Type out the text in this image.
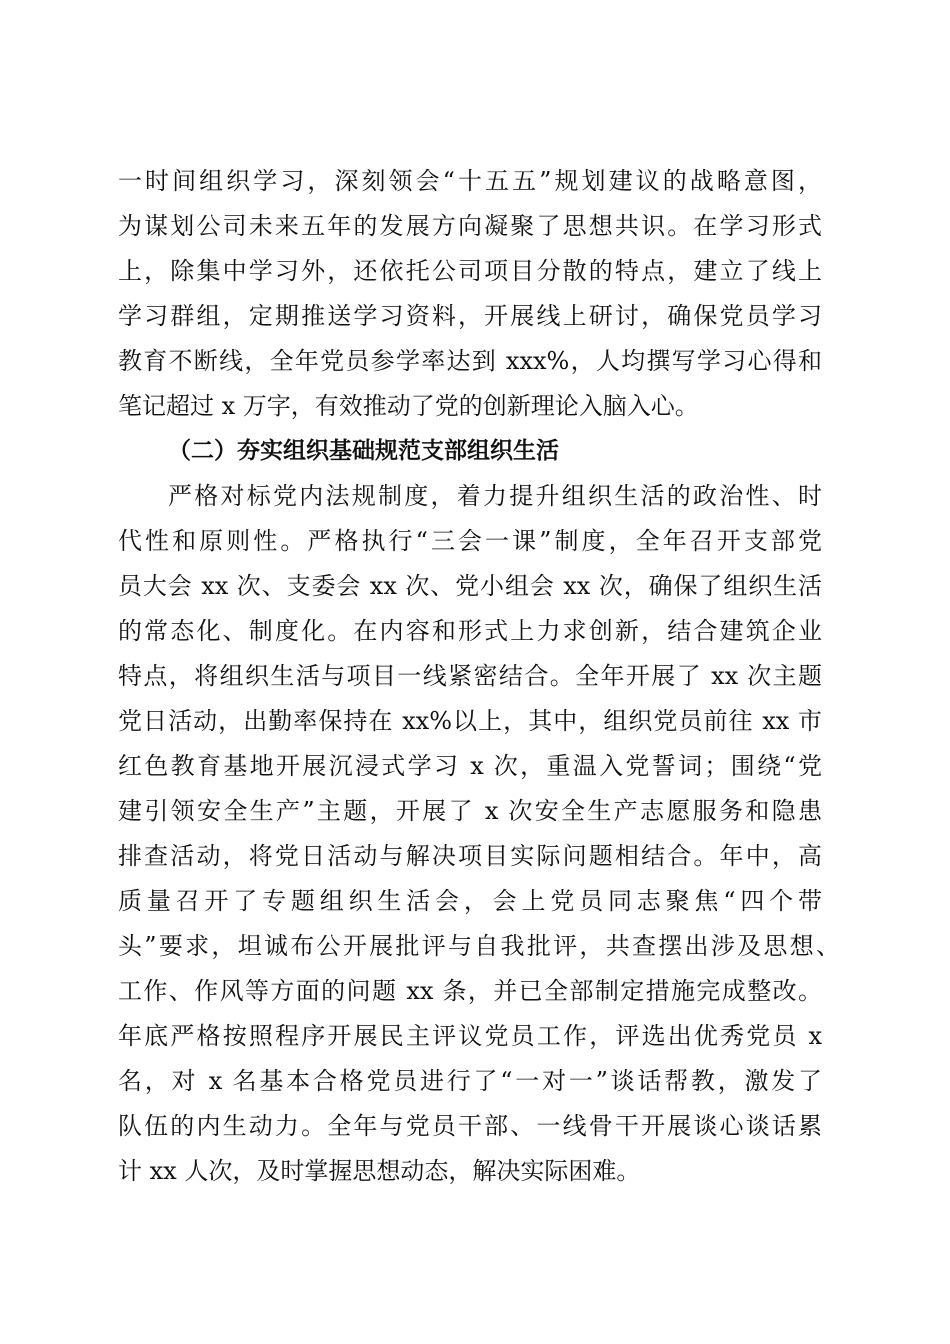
一时间组织学习，深刻领会“十五五”规划建议的战略意图，
为谋划公司未来五年的发展方向凝聚了思想共识。在学习形式
上，除集中学习外，还依托公司项目分散的特点，建立了线上
学习群组，定期推送学习资料，开展线上研讨，确保党员学习
教育不断线，全年党员参学率达到 xxx%，人均撰写学习心得和
笔记超过 x 万字，有效推动了党的创新理论入脑入心。
（二）夯实组织基础规范支部组织生活
严格对标党内法规制度，着力提升组织生活的政治性、时
代性和原则性。严格执行“三会一课”制度，全年召开支部党
员大会 xx 次、支委会 xx 次、党小组会 xx 次，确保了组织生活
的常态化、制度化。在内容和形式上力求创新，结合建筑企业
特点，将组织生活与项目一线紧密结合。全年开展了 xx 次主题
党日活动，出勤率保持在 xx%以上，其中，组织党员前往 xx 市
红色教育基地开展沉浸式学习 x 次，重温入党誓词；围绕“党
建引领安全生产”主题，开展了 x 次安全生产志愿服务和隐患
排查活动，将党日活动与解决项目实际问题相结合。年中，高
质量召开了专题组织生活会，会上党员同志聚焦“四个带
头”要求，坦诚布公开展批评与自我批评，共查摆出涉及思想、
工作、作风等方面的问题 xx 条，并已全部制定措施完成整改。
年底严格按照程序开展民主评议党员工作，评选出优秀党员 x
名，对 x 名基本合格党员进行了“一对一”谈话帮教，激发了
队伍的内生动力。全年与党员干部、一线骨干开展谈心谈话累
计 xx 人次，及时掌握思想动态，解决实际困难。
